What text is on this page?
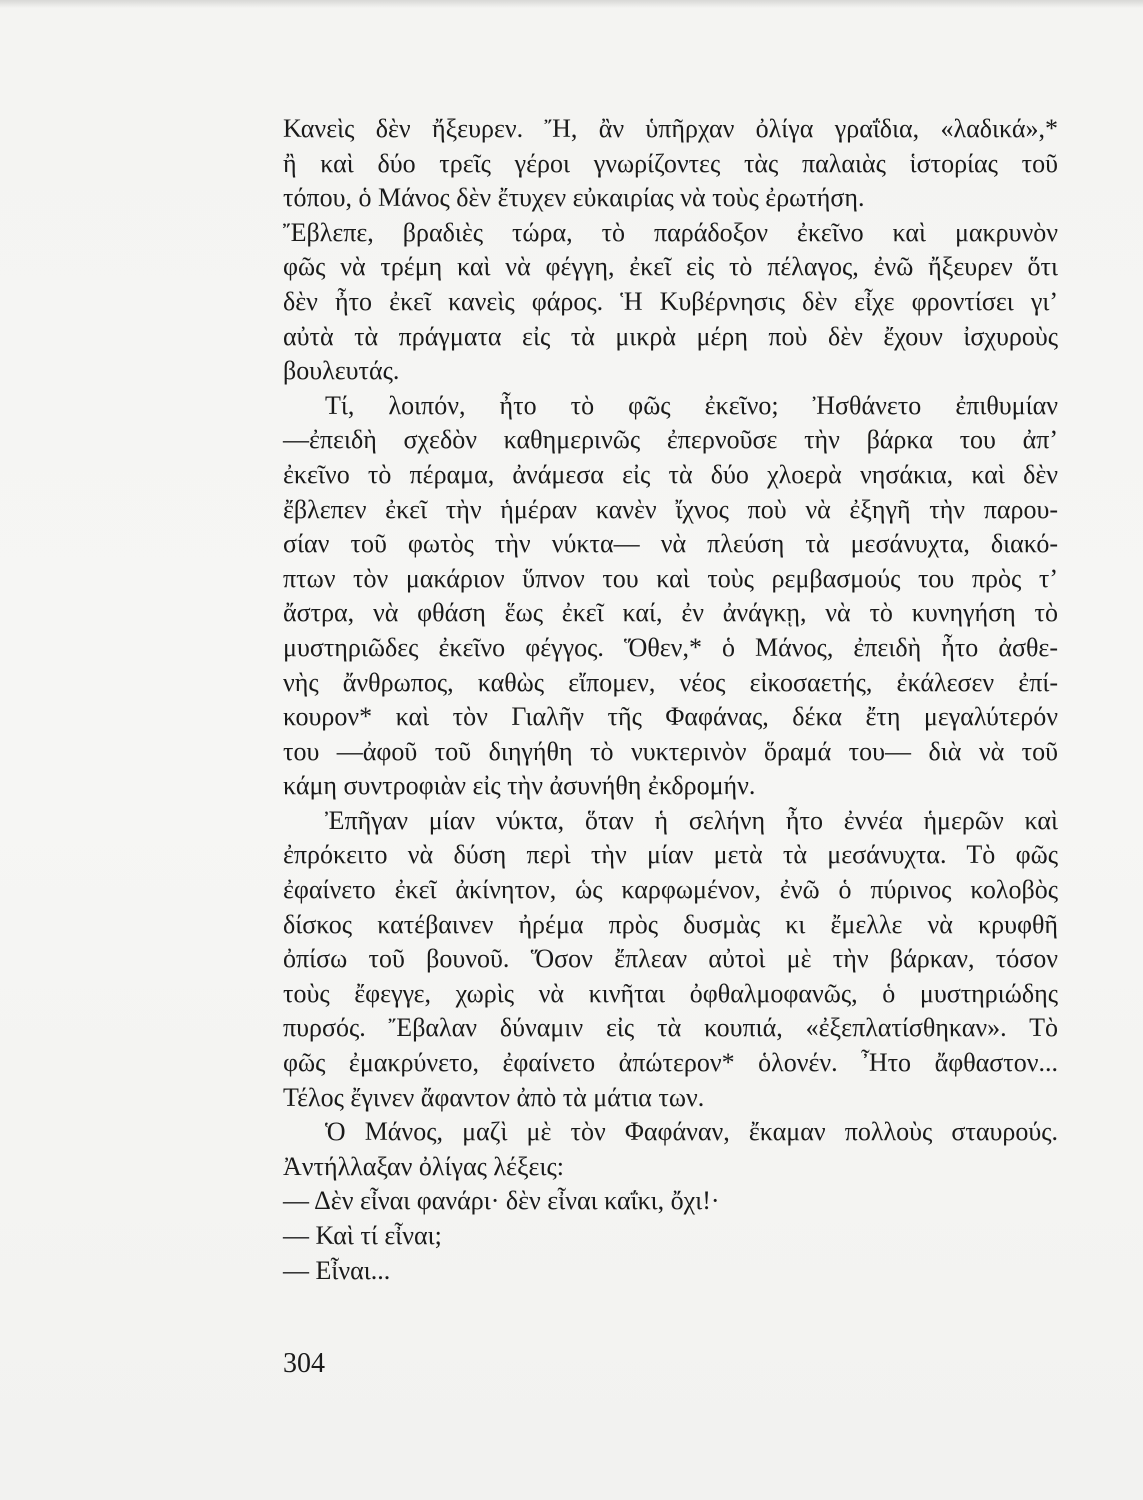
Κανεὶς δὲν ἤξευρεν. Ἤ, ἂν ὑπῆρχαν ὀλίγα γραΐδια, «λαδικά»,*
ἢ καὶ δύο τρεῖς γέροι γνωρίζοντες τὰς παλαιὰς ἱστορίας τοῦ
τόπου, ὁ Μάνος δὲν ἔτυχεν εὐκαιρίας νὰ τοὺς ἐρωτήση.
Ἔβλεπε, βραδιὲς τώρα, τὸ παράδοξον ἐκεῖνο καὶ μακρυνὸν
φῶς νὰ τρέμη καὶ νὰ φέγγη, ἐκεῖ εἰς τὸ πέλαγος, ἐνῶ ἤξευρεν ὅτι
δὲν ἦτο ἐκεῖ κανεὶς φάρος. Ἡ Κυβέρνησις δὲν εἶχε φροντίσει γι’
αὐτὰ τὰ πράγματα εἰς τὰ μικρὰ μέρη ποὺ δὲν ἔχουν ἰσχυροὺς
βουλευτάς.
Τί, λοιπόν, ἦτο τὸ φῶς ἐκεῖνο; Ἠσθάνετο ἐπιθυμίαν
—ἐπειδὴ σχεδὸν καθημερινῶς ἐπερνοῦσε τὴν βάρκα του ἀπ’
ἐκεῖνο τὸ πέραμα, ἀνάμεσα εἰς τὰ δύο χλοερὰ νησάκια, καὶ δὲν
ἔβλεπεν ἐκεῖ τὴν ἡμέραν κανὲν ἴχνος ποὺ νὰ ἐξηγῆ τὴν παρου-
σίαν τοῦ φωτὸς τὴν νύκτα— νὰ πλεύση τὰ μεσάνυχτα, διακό-
πτων τὸν μακάριον ὕπνον του καὶ τοὺς ρεμβασμούς του πρὸς τ’
ἄστρα, νὰ φθάση ἕως ἐκεῖ καί, ἐν ἀνάγκῃ, νὰ τὸ κυνηγήση τὸ
μυστηριῶδες ἐκεῖνο φέγγος. Ὅθεν,* ὁ Μάνος, ἐπειδὴ ἦτο ἀσθε-
νὴς ἄνθρωπος, καθὼς εἴπομεν, νέος εἰκοσαετής, ἐκάλεσεν ἐπί-
κουρον* καὶ τὸν Γιαλῆν τῆς Φαφάνας, δέκα ἔτη μεγαλύτερόν
του —ἀφοῦ τοῦ διηγήθη τὸ νυκτερινὸν ὅραμά του— διὰ νὰ τοῦ
κάμη συντροφιὰν εἰς τὴν ἀσυνήθη ἐκδρομήν.
Ἐπῆγαν μίαν νύκτα, ὅταν ἡ σελήνη ἦτο ἐννέα ἡμερῶν καὶ
ἐπρόκειτο νὰ δύση περὶ τὴν μίαν μετὰ τὰ μεσάνυχτα. Τὸ φῶς
ἐφαίνετο ἐκεῖ ἀκίνητον, ὡς καρφωμένον, ἐνῶ ὁ πύρινος κολοβὸς
δίσκος κατέβαινεν ἠρέμα πρὸς δυσμὰς κι ἔμελλε νὰ κρυφθῆ
ὀπίσω τοῦ βουνοῦ. Ὅσον ἔπλεαν αὐτοὶ μὲ τὴν βάρκαν, τόσον
τοὺς ἔφεγγε, χωρὶς νὰ κινῆται ὀφθαλμοφανῶς, ὁ μυστηριώδης
πυρσός. Ἔβαλαν δύναμιν εἰς τὰ κουπιά, «ἐξεπλατίσθηκαν». Τὸ
φῶς ἐμακρύνετο, ἐφαίνετο ἀπώτερον* ὁλονέν. Ἦτο ἄφθαστον...
Τέλος ἔγινεν ἄφαντον ἀπὸ τὰ μάτια των.
Ὁ Μάνος, μαζὶ μὲ τὸν Φαφάναν, ἔκαμαν πολλοὺς σταυρούς.
Ἀντήλλαξαν ὀλίγας λέξεις:
— Δὲν εἶναι φανάρι· δὲν εἶναι καΐκι, ὄχι!·
— Καὶ τί εἶναι;
— Εἶναι...
304
